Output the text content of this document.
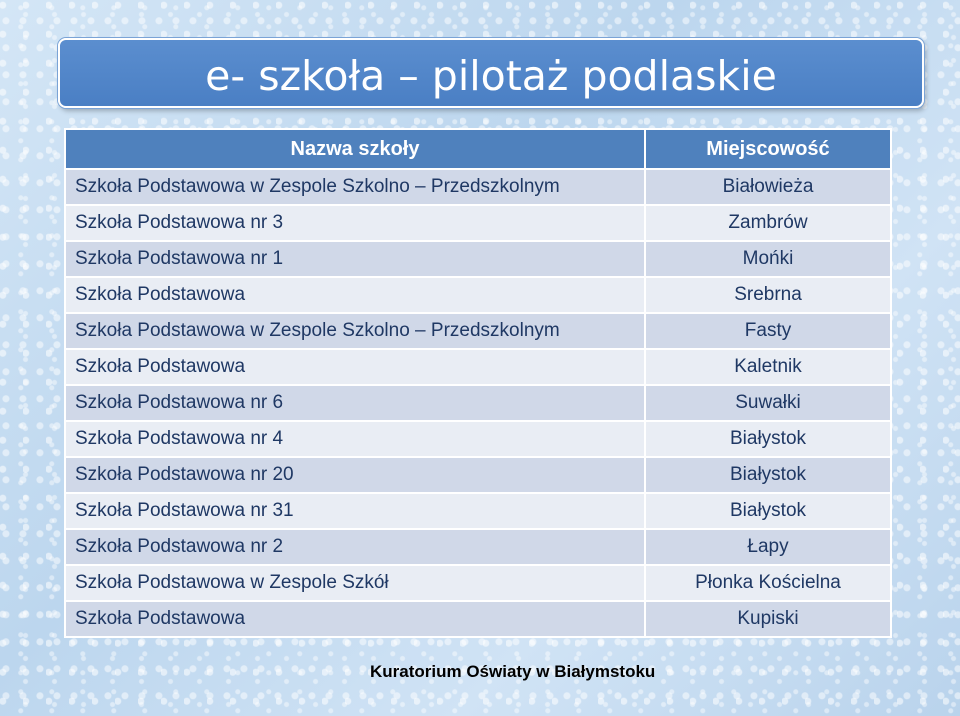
e- szkoła – pilotaż podlaskie
Nazwa szkoły	Miejscowość
Szkoła Podstawowa w Zespole Szkolno – Przedszkolnym	Białowieża
Szkoła Podstawowa nr 3	Zambrów
Szkoła Podstawowa nr 1	Mońki
Szkoła Podstawowa	Srebrna
Szkoła Podstawowa w Zespole Szkolno – Przedszkolnym	Fasty
Szkoła Podstawowa	Kaletnik
Szkoła Podstawowa nr 6	Suwałki
Szkoła Podstawowa nr 4	Białystok
Szkoła Podstawowa nr 20	Białystok
Szkoła Podstawowa nr 31	Białystok
Szkoła Podstawowa nr 2	Łapy
Szkoła Podstawowa w Zespole Szkół	Płonka Kościelna
Szkoła Podstawowa	Kupiski
Kuratorium Oświaty w Białymstoku
